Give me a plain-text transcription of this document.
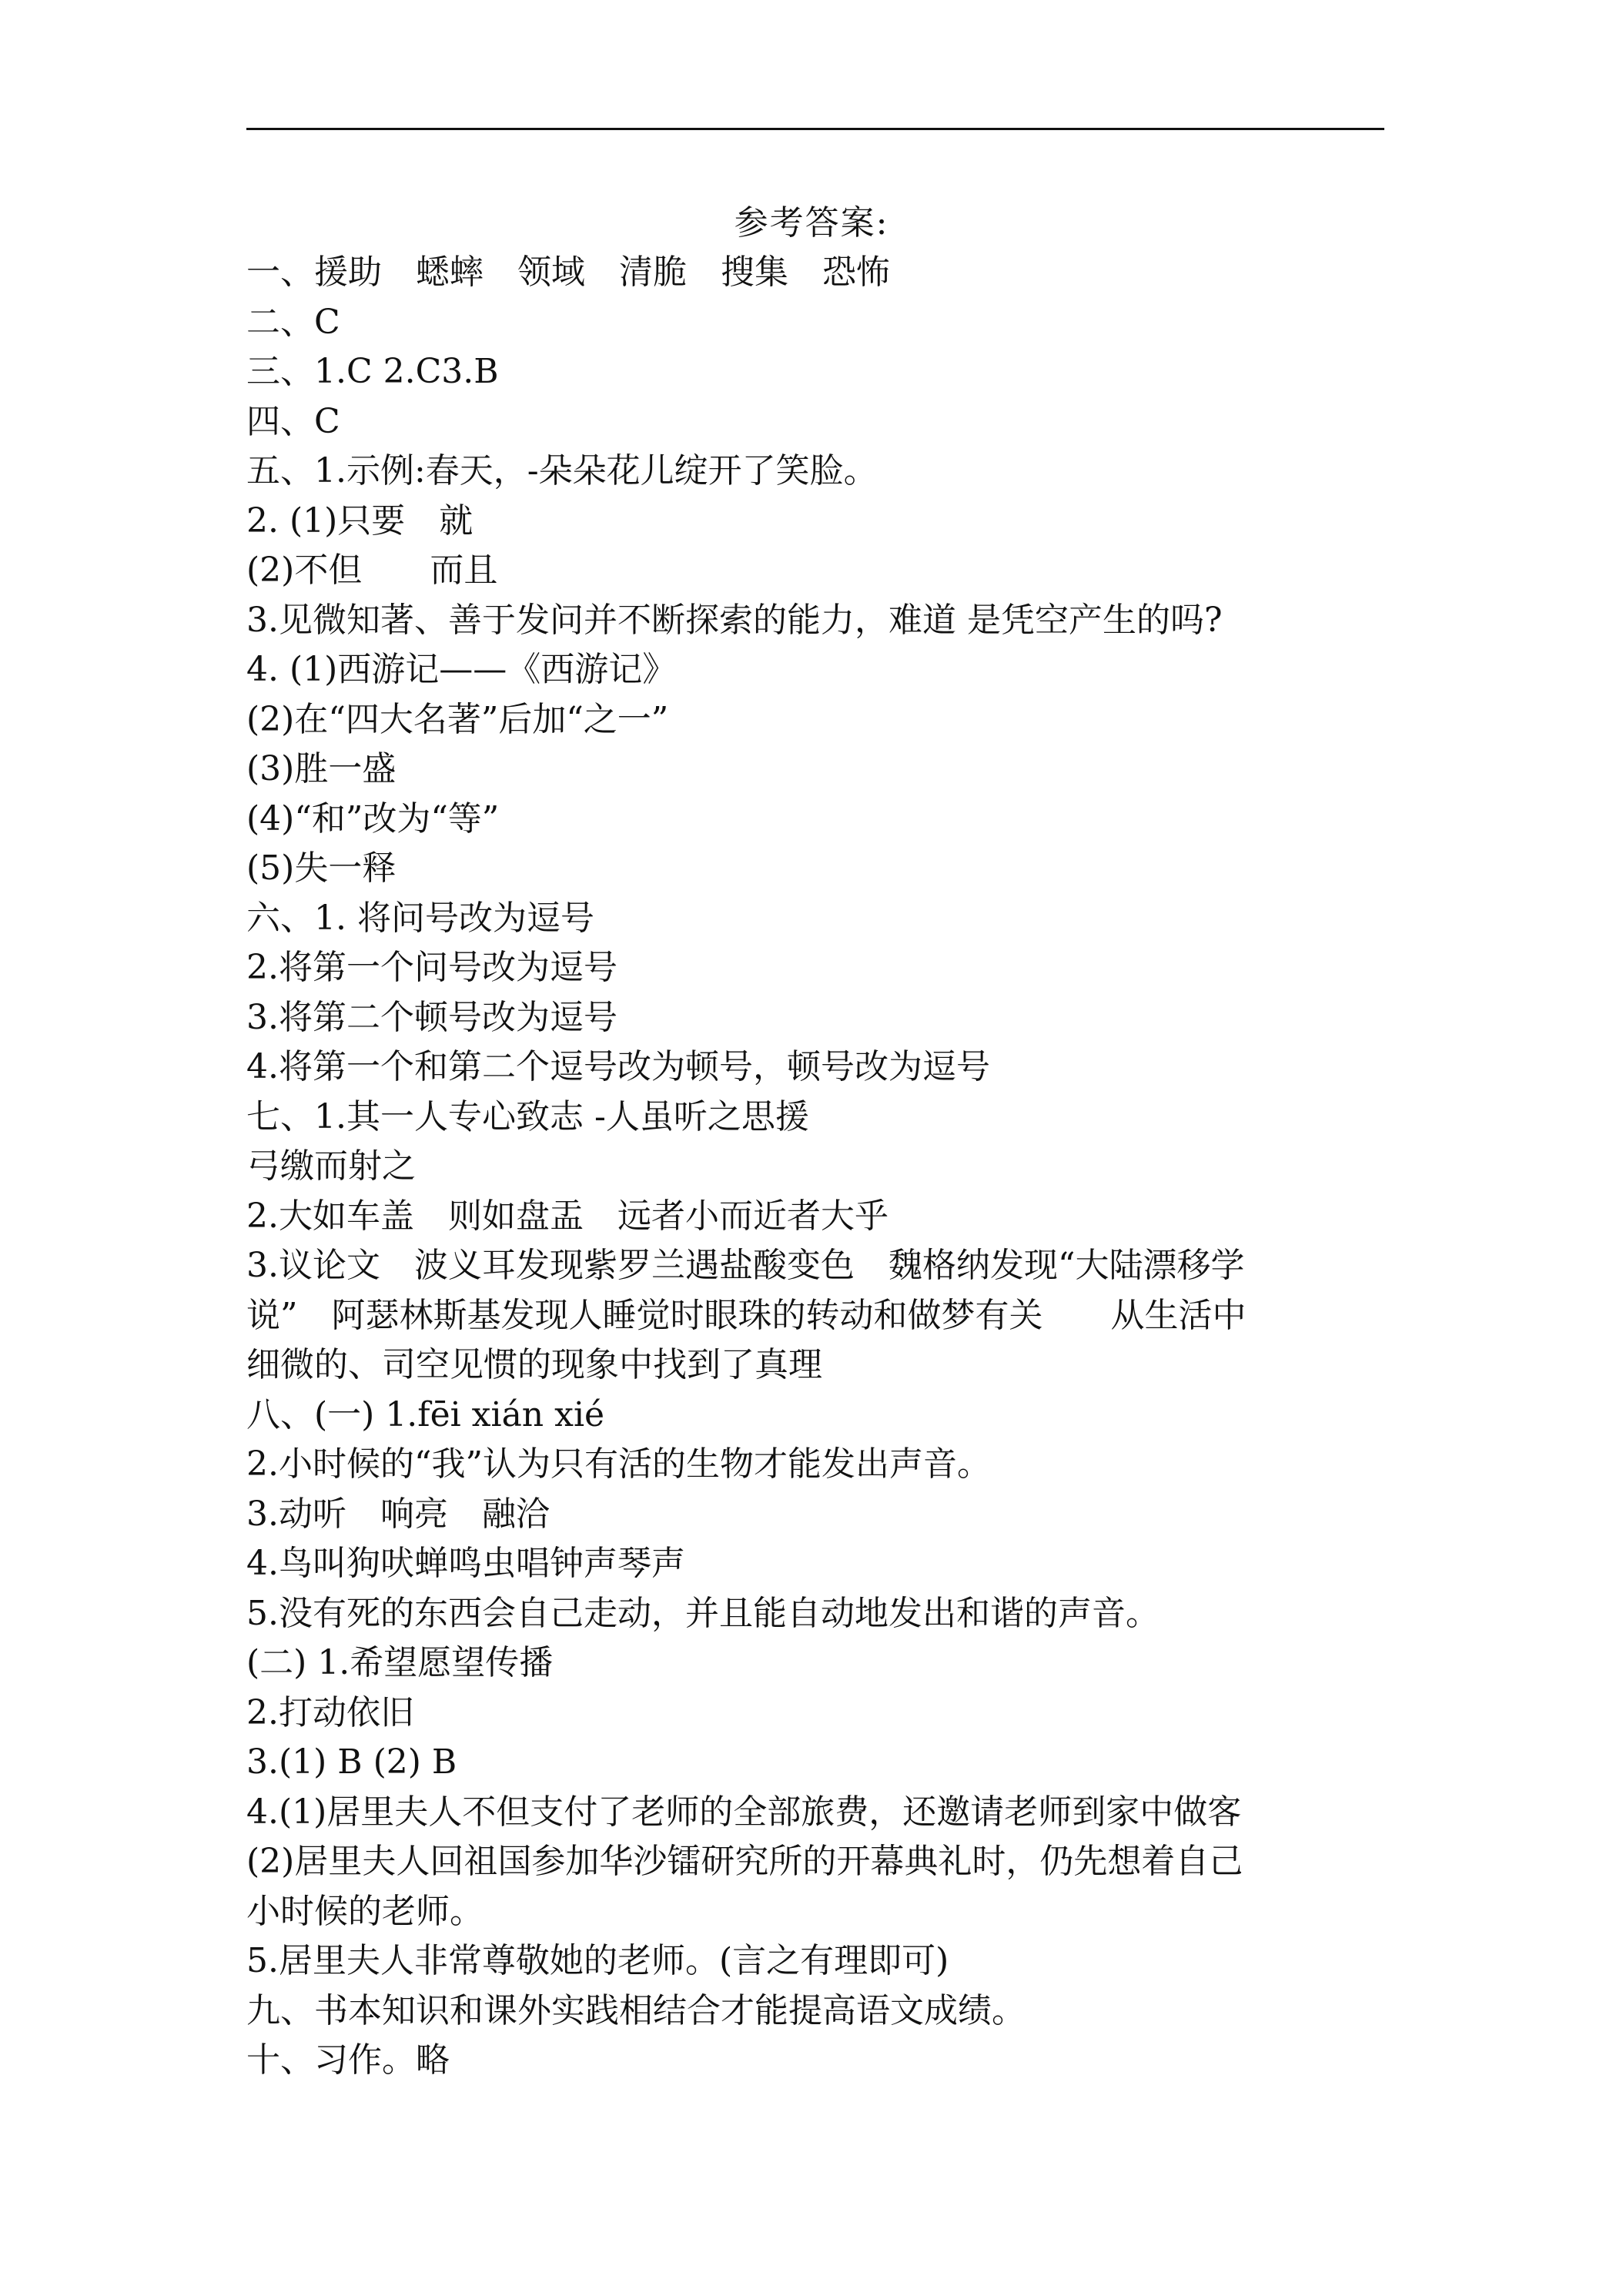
参考答案:
一、援助　蟋蟀　领域　清脆　搜集　恐怖
二、C
三、1.C 2.C3.B
四、C
五、1.示例:春天，-朵朵花儿绽开了笑脸。
2. (1)只要　就
(2)不但　　而且
3.见微知著、善于发问并不断探索的能力，难道 是凭空产生的吗?
4. (1)西游记——《西游记》
(2)在“四大名著”后加“之一”
(3)胜一盛
(4)“和”改为“等”
(5)失一释
六、1. 将问号改为逗号
2.将第一个问号改为逗号
3.将第二个顿号改为逗号
4.将第一个和第二个逗号改为顿号，顿号改为逗号
七、1.其一人专心致志 -人虽听之思援
弓缴而射之
2.大如车盖　则如盘盂　远者小而近者大乎
3.议论文　波义耳发现紫罗兰遇盐酸变色　魏格纳发现“大陆漂移学
说”　阿瑟林斯基发现人睡觉时眼珠的转动和做梦有关　　从生活中
细微的、司空见惯的现象中找到了真理
八、(一) 1.fēi xián xié
2.小时候的“我”认为只有活的生物才能发出声音。
3.动听　响亮　融洽
4.鸟叫狗吠蝉鸣虫唱钟声琴声
5.没有死的东西会自己走动，并且能自动地发出和谐的声音。
(二) 1.希望愿望传播
2.打动依旧
3.(1) B (2) B
4.(1)居里夫人不但支付了老师的全部旅费，还邀请老师到家中做客
(2)居里夫人回祖国参加华沙镭研究所的开幕典礼时，仍先想着自己
小时候的老师。
5.居里夫人非常尊敬她的老师。(言之有理即可)
九、书本知识和课外实践相结合才能提高语文成绩。
十、习作。略
